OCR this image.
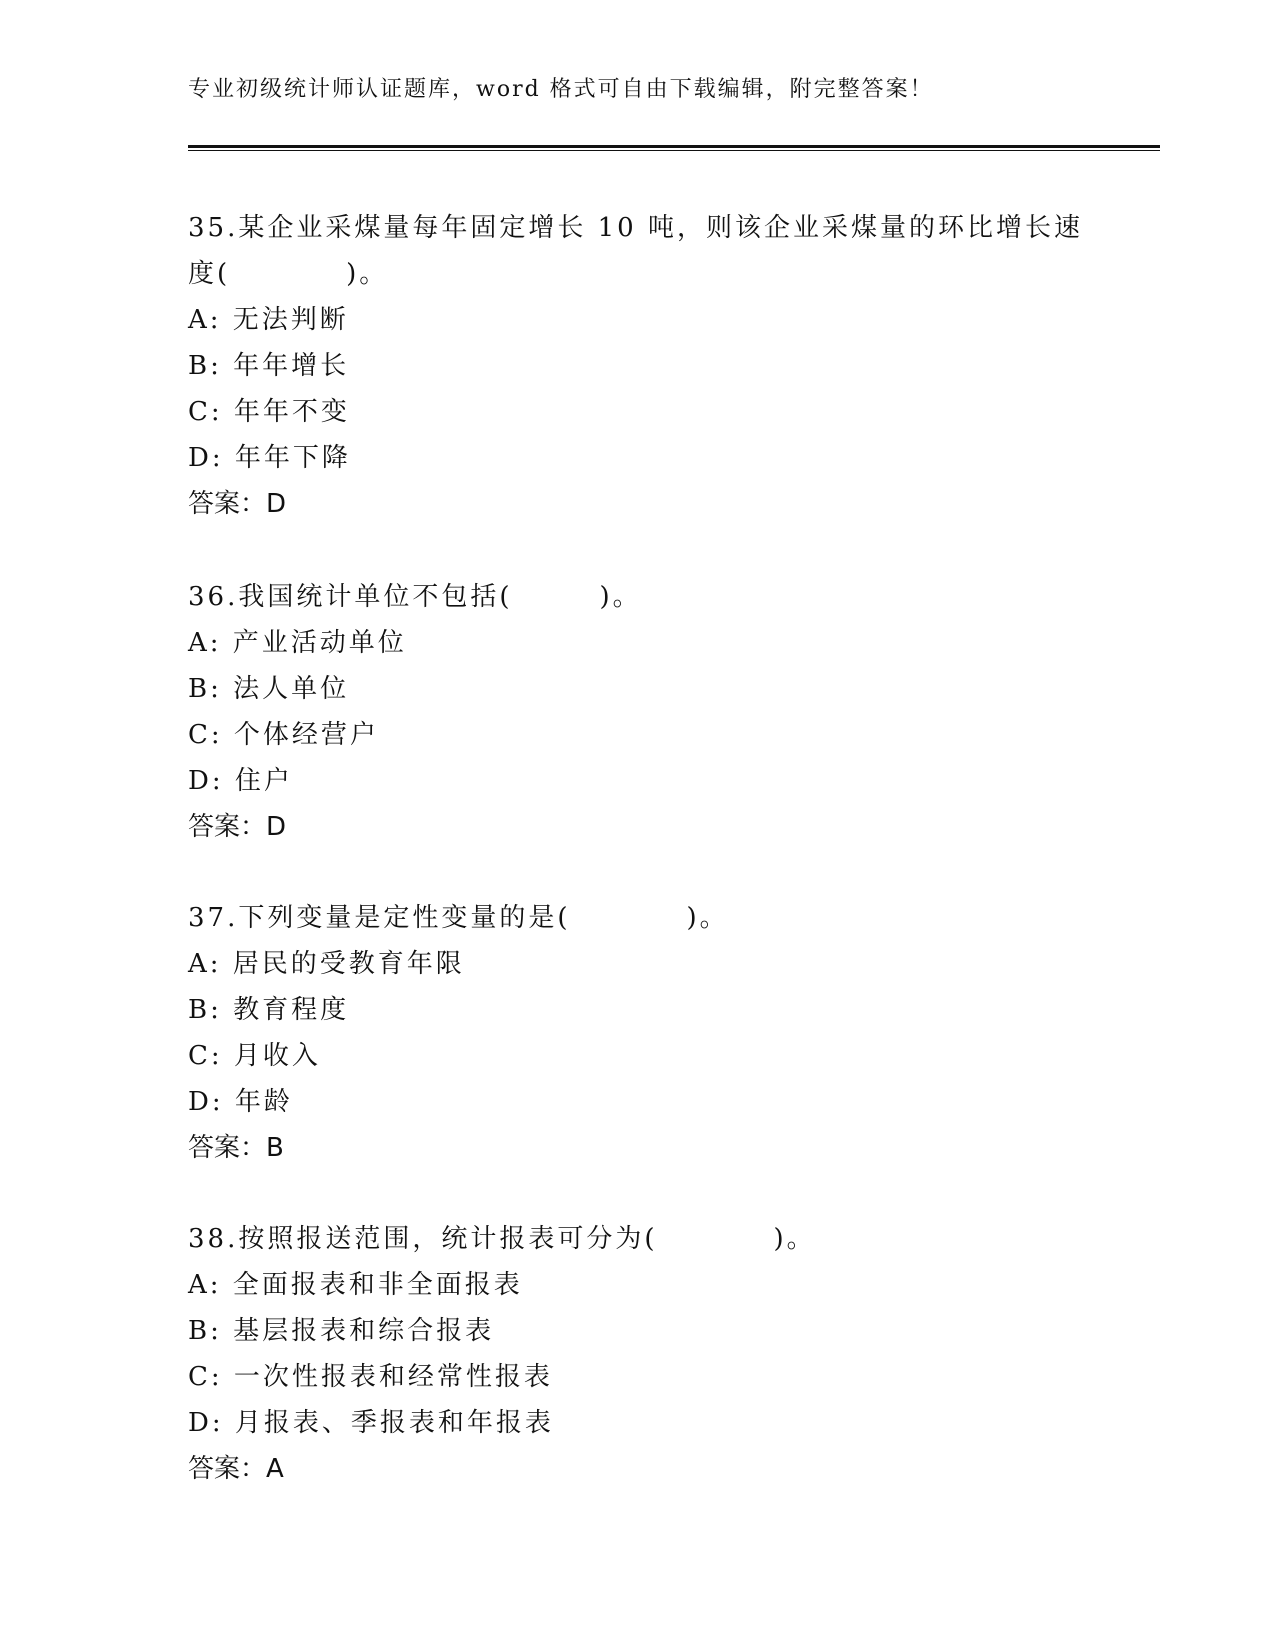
专业初级统计师认证题库，word 格式可自由下载编辑，附完整答案！

35.某企业采煤量每年固定增长 10 吨，则该企业采煤量的环比增长速度(　　　　)。

A: 无法判断

B: 年年增长

C: 年年不变

D: 年年下降

答案：D

36.我国统计单位不包括(　　　)。

A: 产业活动单位

B: 法人单位

C: 个体经营户

D: 住户

答案：D

37.下列变量是定性变量的是(　　　　)。

A: 居民的受教育年限

B: 教育程度

C: 月收入

D: 年龄

答案：B

38.按照报送范围，统计报表可分为(　　　　)。

A: 全面报表和非全面报表

B: 基层报表和综合报表

C: 一次性报表和经常性报表

D: 月报表、季报表和年报表

答案：A
